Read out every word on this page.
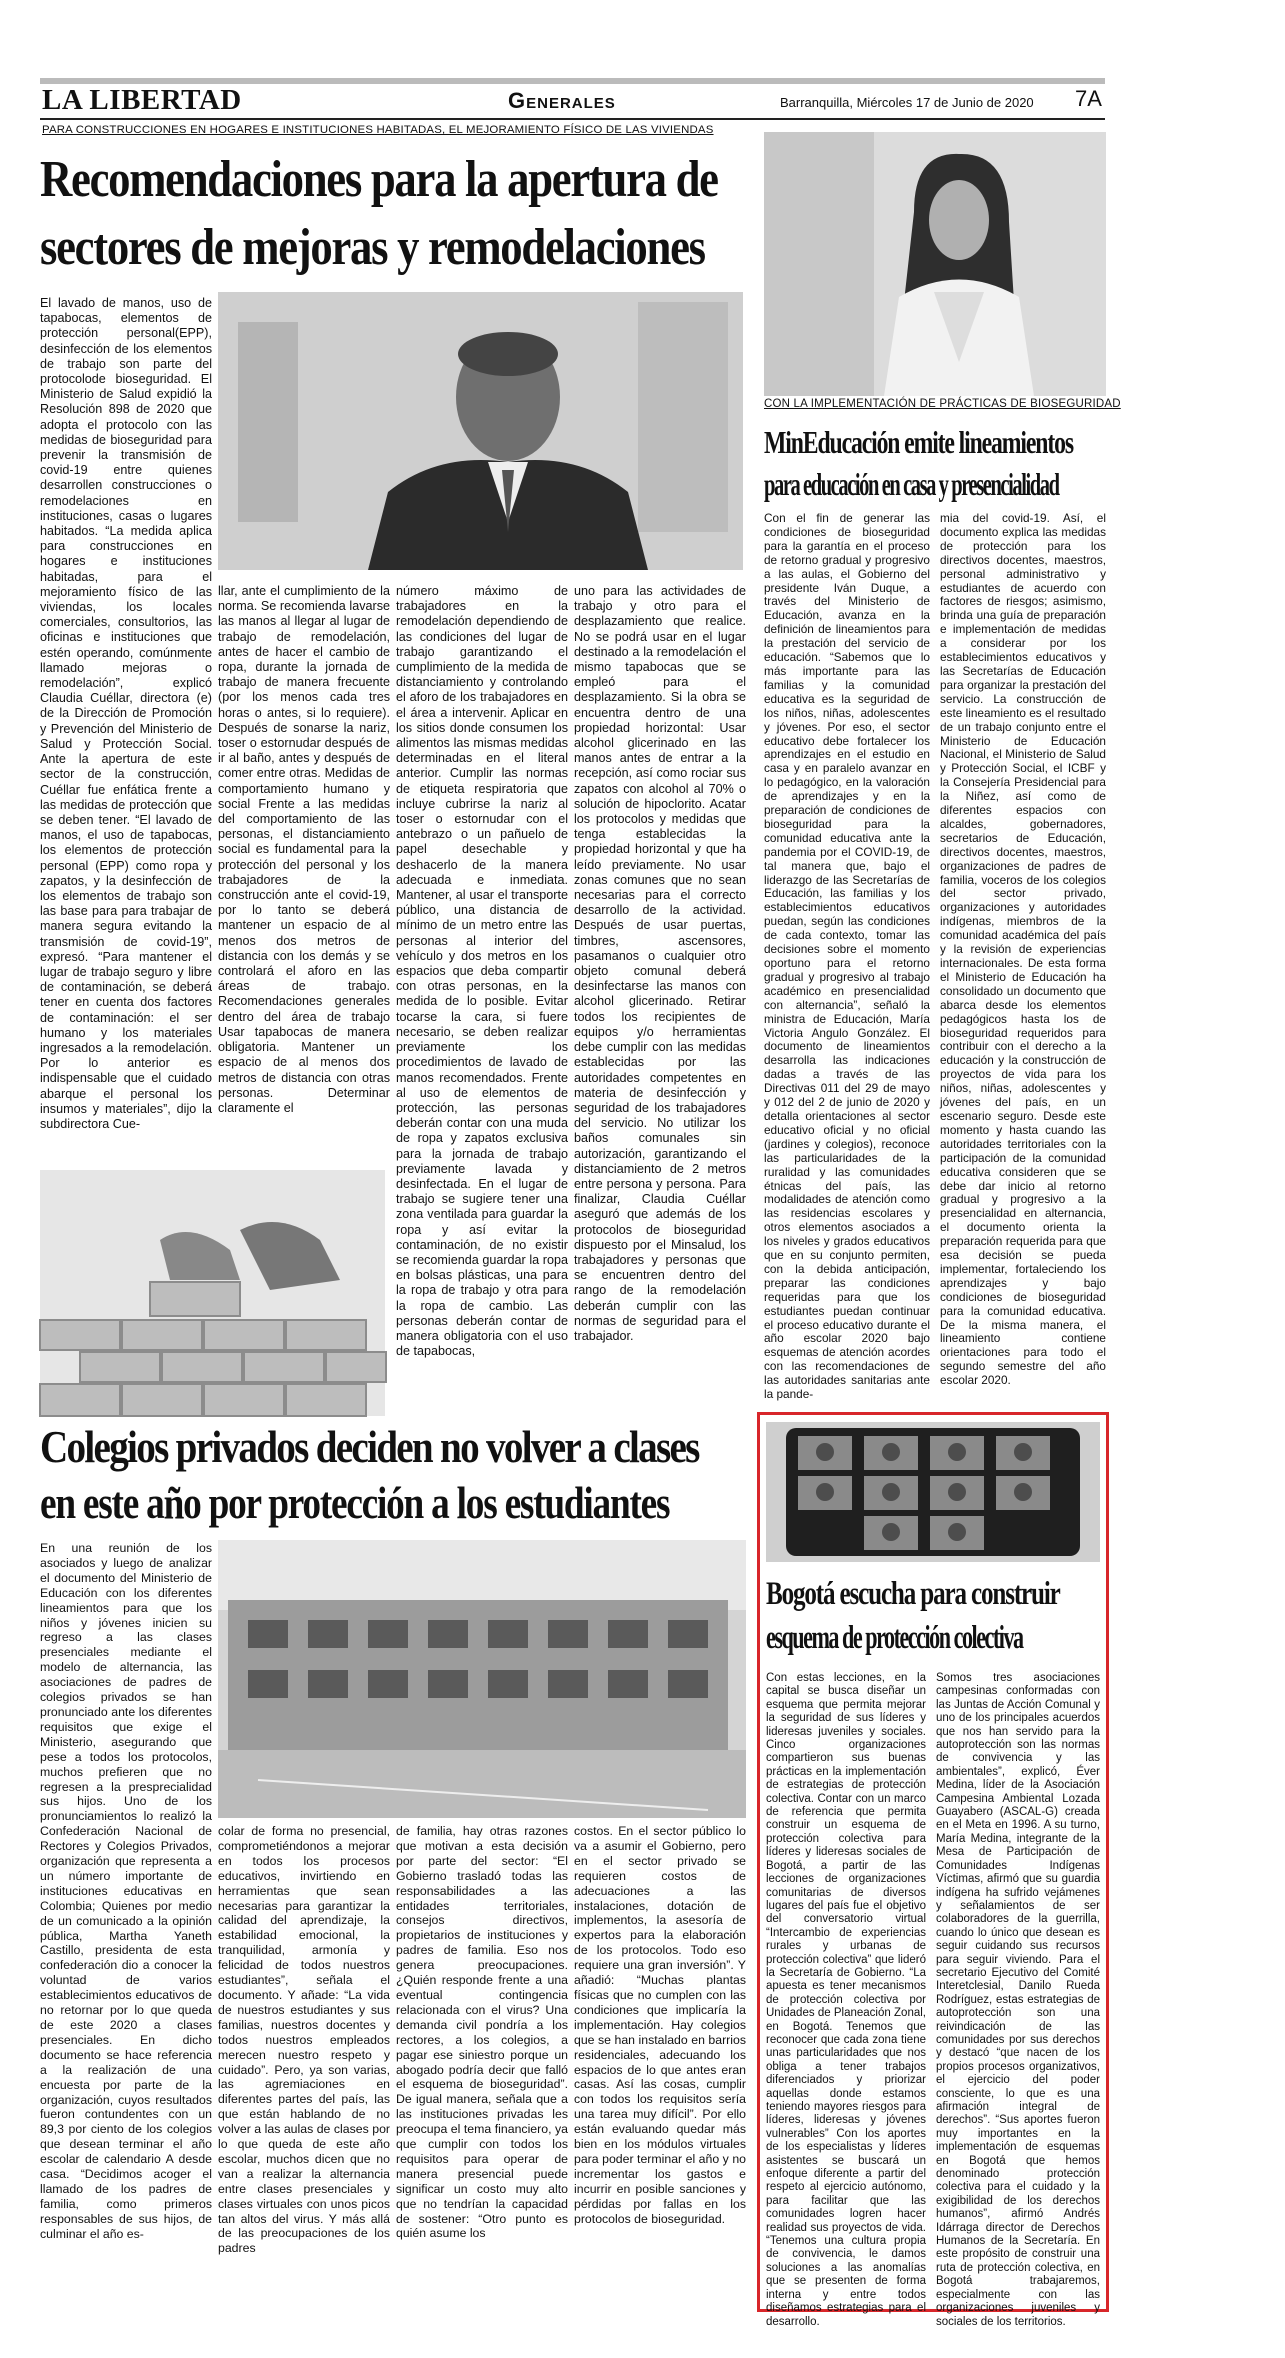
LA LIBERTAD	Generales	Barranquilla, Miércoles 17 de Junio de 2020 7A
PARA CONSTRUCCIONES EN HOGARES E INSTITUCIONES HABITADAS, EL MEJORAMIENTO FÍSICO DE LAS VIVIENDAS
Recomendaciones para la apertura de
sectores de mejoras y remodelaciones
El lavado de manos, uso de tapabocas, elementos de protección personal(EPP), desinfección de los elementos de trabajo son parte del protocolode bioseguridad. El Ministerio de Salud expidió la Resolución 898 de 2020 que adopta el protocolo con las medidas de bioseguridad para prevenir la transmisión de covid-19 entre quienes desarrollen construcciones o remodelaciones en instituciones, casas o lugares habitados. “La medida aplica para construcciones en hogares e instituciones habitadas, para el mejoramiento físico de las viviendas, los locales comerciales, consultorios, las oficinas e instituciones que estén operando, comúnmente llamado mejoras o remodelación”, explicó Claudia Cuéllar, directora (e) de la Dirección de Promoción y Prevención del Ministerio de Salud y Protección Social. Ante la apertura de este sector de la construcción, Cuéllar fue enfática frente a las medidas de protección que se deben tener. “El lavado de manos, el uso de tapabocas, los elementos de protección personal (EPP) como ropa y zapatos, y la desinfección de los elementos de trabajo son las base para para trabajar de manera segura evitando la transmisión de covid-19”, expresó. “Para mantener el lugar de trabajo seguro y libre de contaminación, se deberá tener en cuenta dos factores de contaminación: el ser humano y los materiales ingresados a la remodelación. Por lo anterior es indispensable que el cuidado abarque el personal los insumos y materiales”, dijo la subdirectora Cue-
llar, ante el cumplimiento de la norma. Se recomienda lavarse las manos al llegar al lugar de trabajo de remodelación, antes de hacer el cambio de ropa, durante la jornada de trabajo de manera frecuente (por los menos cada tres horas o antes, si lo requiere). Después de sonarse la nariz, toser o estornudar después de ir al baño, antes y después de comer entre otras. Medidas de comportamiento humano y social Frente a las medidas del comportamiento de las personas, el distanciamiento social es fundamental para la protección del personal y los trabajadores de la construcción ante el covid-19, por lo tanto se deberá mantener un espacio de al menos dos metros de distancia con los demás y se controlará el aforo en las áreas de trabajo. Recomendaciones generales dentro del área de trabajo Usar tapabocas de manera obligatoria. Mantener un espacio de al menos dos metros de distancia con otras personas. Determinar claramente el
número máximo de trabajadores en la remodelación dependiendo de las condiciones del lugar de trabajo garantizando el cumplimiento de la medida de distanciamiento y controlando el aforo de los trabajadores en el área a intervenir. Aplicar en los sitios donde consumen los alimentos las mismas medidas determinadas en el literal anterior. Cumplir las normas de etiqueta respiratoria que incluye cubrirse la nariz al toser o estornudar con el antebrazo o un pañuelo de papel desechable y deshacerlo de la manera adecuada e inmediata. Mantener, al usar el transporte público, una distancia de mínimo de un metro entre las personas al interior del vehículo y dos metros en los espacios que deba compartir con otras personas, en la medida de lo posible. Evitar tocarse la cara, si fuere necesario, se deben realizar previamente los procedimientos de lavado de manos recomendados. Frente al uso de elementos de protección, las personas deberán contar con una muda de ropa y zapatos exclusiva para la jornada de trabajo previamente lavada y desinfectada. En el lugar de trabajo se sugiere tener una zona ventilada para guardar la ropa y así evitar la contaminación, de no existir se recomienda guardar la ropa en bolsas plásticas, una para la ropa de trabajo y otra para la ropa de cambio. Las personas deberán contar de manera obligatoria con el uso de tapabocas,
uno para las actividades de trabajo y otro para el desplazamiento que realice. No se podrá usar en el lugar destinado a la remodelación el mismo tapabocas que se empleó para el desplazamiento. Si la obra se encuentra dentro de una propiedad horizontal: Usar alcohol glicerinado en las manos antes de entrar a la recepción, así como rociar sus zapatos con alcohol al 70% o solución de hipoclorito. Acatar los protocolos y medidas que tenga establecidas la propiedad horizontal y que ha leído previamente. No usar zonas comunes que no sean necesarias para el correcto desarrollo de la actividad. Después de usar puertas, timbres, ascensores, pasamanos o cualquier otro objeto comunal deberá desinfectarse las manos con alcohol glicerinado. Retirar todos los recipientes de equipos y/o herramientas debe cumplir con las medidas establecidas por las autoridades competentes en materia de desinfección y seguridad de los trabajadores del servicio. No utilizar los baños comunales sin autorización, garantizando el distanciamiento de 2 metros entre persona y persona. Para finalizar, Claudia Cuéllar aseguró que además de los protocolos de bioseguridad dispuesto por el Minsalud, los trabajadores y personas que se encuentren dentro del rango de la remodelación deberán cumplir con las normas de seguridad para el trabajador.
CON LA IMPLEMENTACIÓN DE PRÁCTICAS DE BIOSEGURIDAD
MinEducación emite lineamientos
para educación en casa y presencialidad
Con el fin de generar las condiciones de bioseguridad para la garantía en el proceso de retorno gradual y progresivo a las aulas, el Gobierno del presidente Iván Duque, a través del Ministerio de Educación, avanza en la definición de lineamientos para la prestación del servicio de educación. “Sabemos que lo más importante para las familias y la comunidad educativa es la seguridad de los niños, niñas, adolescentes y jóvenes. Por eso, el sector educativo debe fortalecer los aprendizajes en el estudio en casa y en paralelo avanzar en lo pedagógico, en la valoración de aprendizajes y en la preparación de condiciones de bioseguridad para la comunidad educativa ante la pandemia por el COVID-19, de tal manera que, bajo el liderazgo de las Secretarías de Educación, las familias y los establecimientos educativos puedan, según las condiciones de cada contexto, tomar las decisiones sobre el momento oportuno para el retorno gradual y progresivo al trabajo académico en presencialidad con alternancia”, señaló la ministra de Educación, María Victoria Angulo González. El documento de lineamientos desarrolla las indicaciones dadas a través de las Directivas 011 del 29 de mayo y 012 del 2 de junio de 2020 y detalla orientaciones al sector educativo oficial y no oficial (jardines y colegios), reconoce las particularidades de la ruralidad y las comunidades étnicas del país, las modalidades de atención como las residencias escolares y otros elementos asociados a los niveles y grados educativos que en su conjunto permiten, con la debida anticipación, preparar las condiciones requeridas para que los estudiantes puedan continuar el proceso educativo durante el año escolar 2020 bajo esquemas de atención acordes con las recomendaciones de las autoridades sanitarias ante la pande-
mia del covid-19. Así, el documento explica las medidas de protección para los directivos docentes, maestros, personal administrativo y estudiantes de acuerdo con factores de riesgos; asimismo, brinda una guía de preparación e implementación de medidas a considerar por los establecimientos educativos y las Secretarías de Educación para organizar la prestación del servicio. La construcción de este lineamiento es el resultado de un trabajo conjunto entre el Ministerio de Educación Nacional, el Ministerio de Salud y Protección Social, el ICBF y la Consejería Presidencial para la Niñez, así como de diferentes espacios con alcaldes, gobernadores, secretarios de Educación, directivos docentes, maestros, organizaciones de padres de familia, voceros de los colegios del sector privado, organizaciones y autoridades indígenas, miembros de la comunidad académica del país y la revisión de experiencias internacionales. De esta forma el Ministerio de Educación ha consolidado un documento que abarca desde los elementos pedagógicos hasta los de bioseguridad requeridos para contribuir con el derecho a la educación y la construcción de proyectos de vida para los niños, niñas, adolescentes y jóvenes del país, en un escenario seguro. Desde este momento y hasta cuando las autoridades territoriales con la participación de la comunidad educativa consideren que se debe dar inicio al retorno gradual y progresivo a la presencialidad en alternancia, el documento orienta la preparación requerida para que esa decisión se pueda implementar, fortaleciendo los aprendizajes y bajo condiciones de bioseguridad para la comunidad educativa. De la misma manera, el lineamiento contiene orientaciones para todo el segundo semestre del año escolar 2020.
Colegios privados deciden no volver a clases
en este año por protección a los estudiantes
En una reunión de los asociados y luego de analizar el documento del Ministerio de Educación con los diferentes lineamientos para que los niños y jóvenes inicien su regreso a las clases presenciales mediante el modelo de alternancia, las asociaciones de padres de colegios privados se han pronunciado ante los diferentes requisitos que exige el Ministerio, asegurando que pese a todos los protocolos, muchos prefieren que no regresen a la presprecialidad sus hijos. Uno de los pronunciamientos lo realizó la Confederación Nacional de Rectores y Colegios Privados, organización que representa a un número importante de instituciones educativas en Colombia; Quienes por medio de un comunicado a la opinión pública, Martha Yaneth Castillo, presidenta de esta confederación dio a conocer la voluntad de varios establecimientos educativos de no retornar por lo que queda de este 2020 a clases presenciales. En dicho documento se hace referencia a la realización de una encuesta por parte de la organización, cuyos resultados fueron contundentes con un 89,3 por ciento de los colegios que desean terminar el año escolar de calendario A desde casa. “Decidimos acoger el llamado de los padres de familia, como primeros responsables de sus hijos, de culminar el año es-
colar de forma no presencial, comprometiéndonos a mejorar en todos los procesos educativos, invirtiendo en herramientas que sean necesarias para garantizar la calidad del aprendizaje, la estabilidad emocional, la tranquilidad, armonía y felicidad de todos nuestros estudiantes”, señala el documento. Y añade: “La vida de nuestros estudiantes y sus familias, nuestros docentes y todos nuestros empleados merecen nuestro respeto y cuidado”. Pero, ya son varias, las agremiaciones en diferentes partes del país, las que están hablando de no volver a las aulas de clases por lo que queda de este año escolar, muchos dicen que no van a realizar la alternancia entre clases presenciales y clases virtuales con unos picos tan altos del virus. Y más allá de las preocupaciones de los padres
de familia, hay otras razones que motivan a esta decisión por parte del sector: “El Gobierno trasladó todas las responsabilidades a las entidades territoriales, consejos directivos, propietarios de instituciones y padres de familia. Eso nos genera preocupaciones. ¿Quién responde frente a una eventual contingencia relacionada con el virus? Una demanda civil pondría a los rectores, a los colegios, a pagar ese siniestro porque un abogado podría decir que falló el esquema de bioseguridad”. De igual manera, señala que a las instituciones privadas les preocupa el tema financiero, ya que cumplir con todos los requisitos para operar de manera presencial puede significar un costo muy alto que no tendrían la capacidad de sostener: “Otro punto es quién asume los
costos. En el sector público lo va a asumir el Gobierno, pero en el sector privado se requieren costos de adecuaciones a las instalaciones, dotación de implementos, la asesoría de expertos para la elaboración de los protocolos. Todo eso requiere una gran inversión”. Y añadió: “Muchas plantas físicas que no cumplen con las condiciones que implicaría la implementación. Hay colegios que se han instalado en barrios residenciales, adecuando los espacios de lo que antes eran casas. Así las cosas, cumplir con todos los requisitos sería una tarea muy difícil”. Por ello están evaluando quedar más bien en los módulos virtuales para poder terminar el año y no incrementar los gastos e incurrir en posible sanciones y pérdidas por fallas en los protocolos de bioseguridad.
Bogotá escucha para construir
esquema de protección colectiva
Con estas lecciones, en la capital se busca diseñar un esquema que permita mejorar la seguridad de sus líderes y lideresas juveniles y sociales. Cinco organizaciones compartieron sus buenas prácticas en la implementación de estrategias de protección colectiva. Contar con un marco de referencia que permita construir un esquema de protección colectiva para líderes y lideresas sociales de Bogotá, a partir de las lecciones de organizaciones comunitarias de diversos lugares del país fue el objetivo del conversatorio virtual “Intercambio de experiencias rurales y urbanas de protección colectiva” que lideró la Secretaría de Gobierno. “La apuesta es tener mecanismos de protección colectiva por Unidades de Planeación Zonal, en Bogotá. Tenemos que reconocer que cada zona tiene unas particularidades que nos obliga a tener trabajos diferenciados y priorizar aquellas donde estamos teniendo mayores riesgos para líderes, lideresas y jóvenes vulnerables” Con los aportes de los especialistas y líderes asistentes se buscará un enfoque diferente a partir del respeto al ejercicio autónomo, para facilitar que las comunidades logren hacer realidad sus proyectos de vida. “Tenemos una cultura propia de convivencia, le damos soluciones a las anomalías que se presenten de forma interna y entre todos diseñamos estrategias para el desarrollo.
Somos tres asociaciones campesinas conformadas con las Juntas de Acción Comunal y uno de los principales acuerdos que nos han servido para la autoprotección son las normas de convivencia y las ambientales”, explicó, Éver Medina, líder de la Asociación Campesina Ambiental Lozada Guayabero (ASCAL-G) creada en el Meta en 1996. A su turno, María Medina, integrante de la Mesa de Participación de Comunidades Indígenas Víctimas, afirmó que su guardia indígena ha sufrido vejámenes y señalamientos de ser colaboradores de la guerrilla, cuando lo único que desean es seguir cuidando sus recursos para seguir viviendo. Para el secretario Ejecutivo del Comité Interetclesial, Danilo Rueda Rodríguez, estas estrategias de autoprotección son una reivindicación de las comunidades por sus derechos y destacó “que nacen de los propios procesos organizativos, el ejercicio del poder consciente, lo que es una afirmación integral de derechos”. “Sus aportes fueron muy importantes en la implementación de esquemas en Bogotá que hemos denominado protección colectiva para el cuidado y la exigibilidad de los derechos humanos”, afirmó Andrés Idárraga director de Derechos Humanos de la Secretaría. En este propósito de construir una ruta de protección colectiva, en Bogotá trabajaremos, especialmente con las organizaciones juveniles y sociales de los territorios.
